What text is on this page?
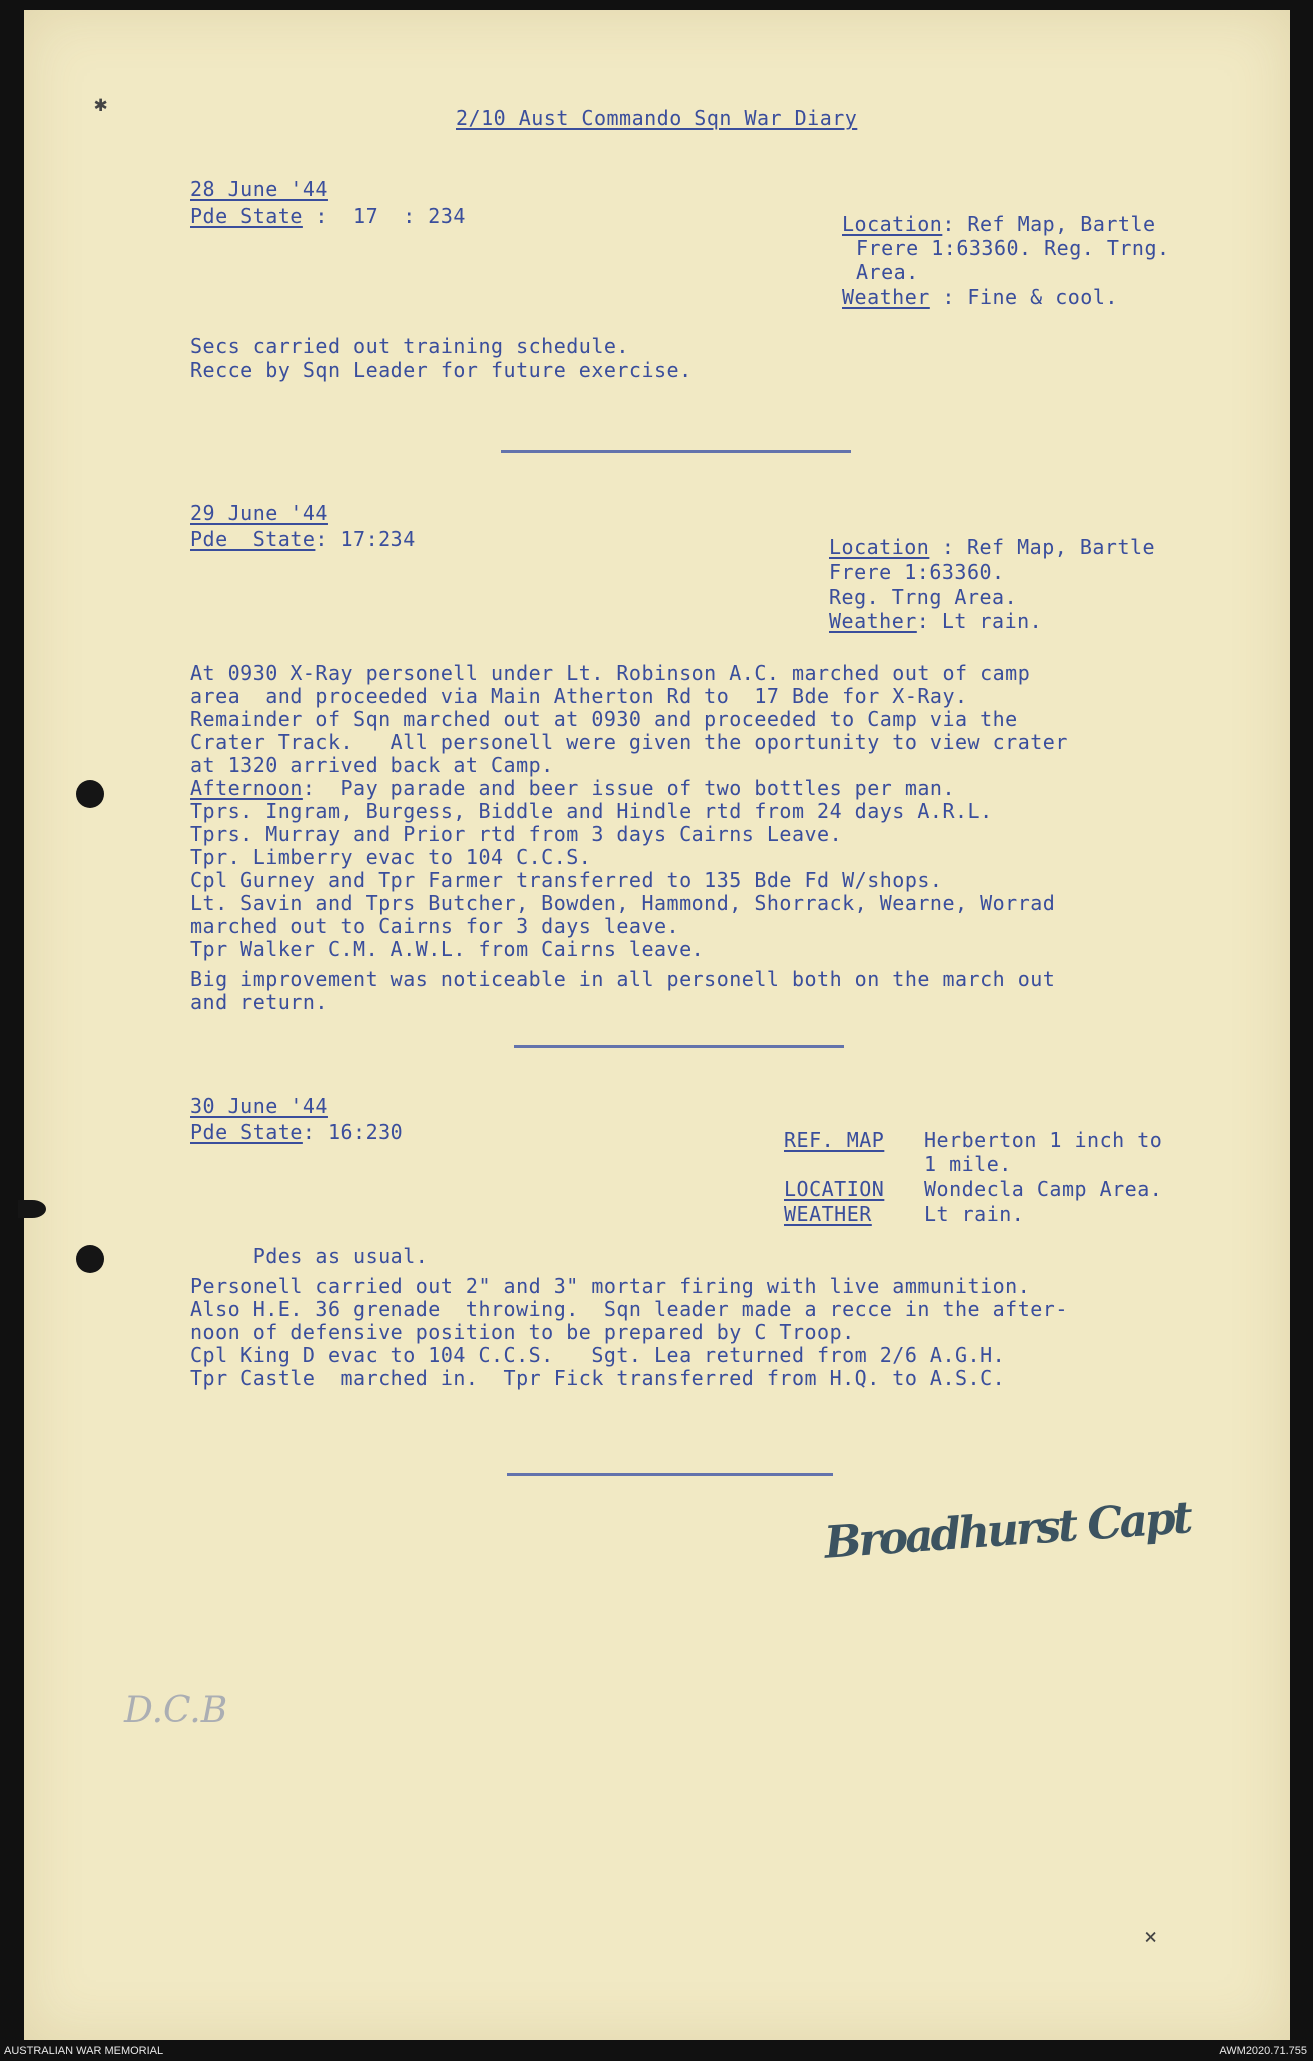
✱
2/10 Aust Commando Sqn War Diary
28 June '44
Pde State :  17  : 234	Location: Ref Map, Bartle
Frere 1:63360. Reg. Trng.
Area.
Weather : Fine & cool.
Secs carried out training schedule.
Recce by Sqn Leader for future exercise.
29 June '44
Pde  State: 17:234	Location : Ref Map, Bartle
Frere 1:63360.
Reg. Trng Area.
Weather: Lt rain.
At 0930 X-Ray personell under Lt. Robinson A.C. marched out of camp
area  and proceeded via Main Atherton Rd to  17 Bde for X-Ray.
Remainder of Sqn marched out at 0930 and proceeded to Camp via the
Crater Track.   All personell were given the oportunity to view crater
at 1320 arrived back at Camp.
Afternoon:  Pay parade and beer issue of two bottles per man.
Tprs. Ingram, Burgess, Biddle and Hindle rtd from 24 days A.R.L.
Tprs. Murray and Prior rtd from 3 days Cairns Leave.
Tpr. Limberry evac to 104 C.C.S.
Cpl Gurney and Tpr Farmer transferred to 135 Bde Fd W/shops.
Lt. Savin and Tprs Butcher, Bowden, Hammond, Shorrack, Wearne, Worrad
marched out to Cairns for 3 days leave.
Tpr Walker C.M. A.W.L. from Cairns leave.
Big improvement was noticeable in all personell both on the march out
and return.
30 June '44
Pde State: 16:230	REF. MAP Herberton 1 inch to
1 mile.
LOCATION Wondecla Camp Area.
WEATHER	Lt rain.
Pdes as usual.
Personell carried out 2" and 3" mortar firing with live ammunition.
Also H.E. 36 grenade  throwing.  Sqn leader made a recce in the after-
noon of defensive position to be prepared by C Troop.
Cpl King D evac to 104 C.C.S.   Sgt. Lea returned from 2/6 A.G.H.
Tpr Castle  marched in.  Tpr Fick transferred from H.Q. to A.S.C.
Broadhurst Capt
D.C.B
×
AUSTRALIAN WAR MEMORIAL	AWM2020.71.755
